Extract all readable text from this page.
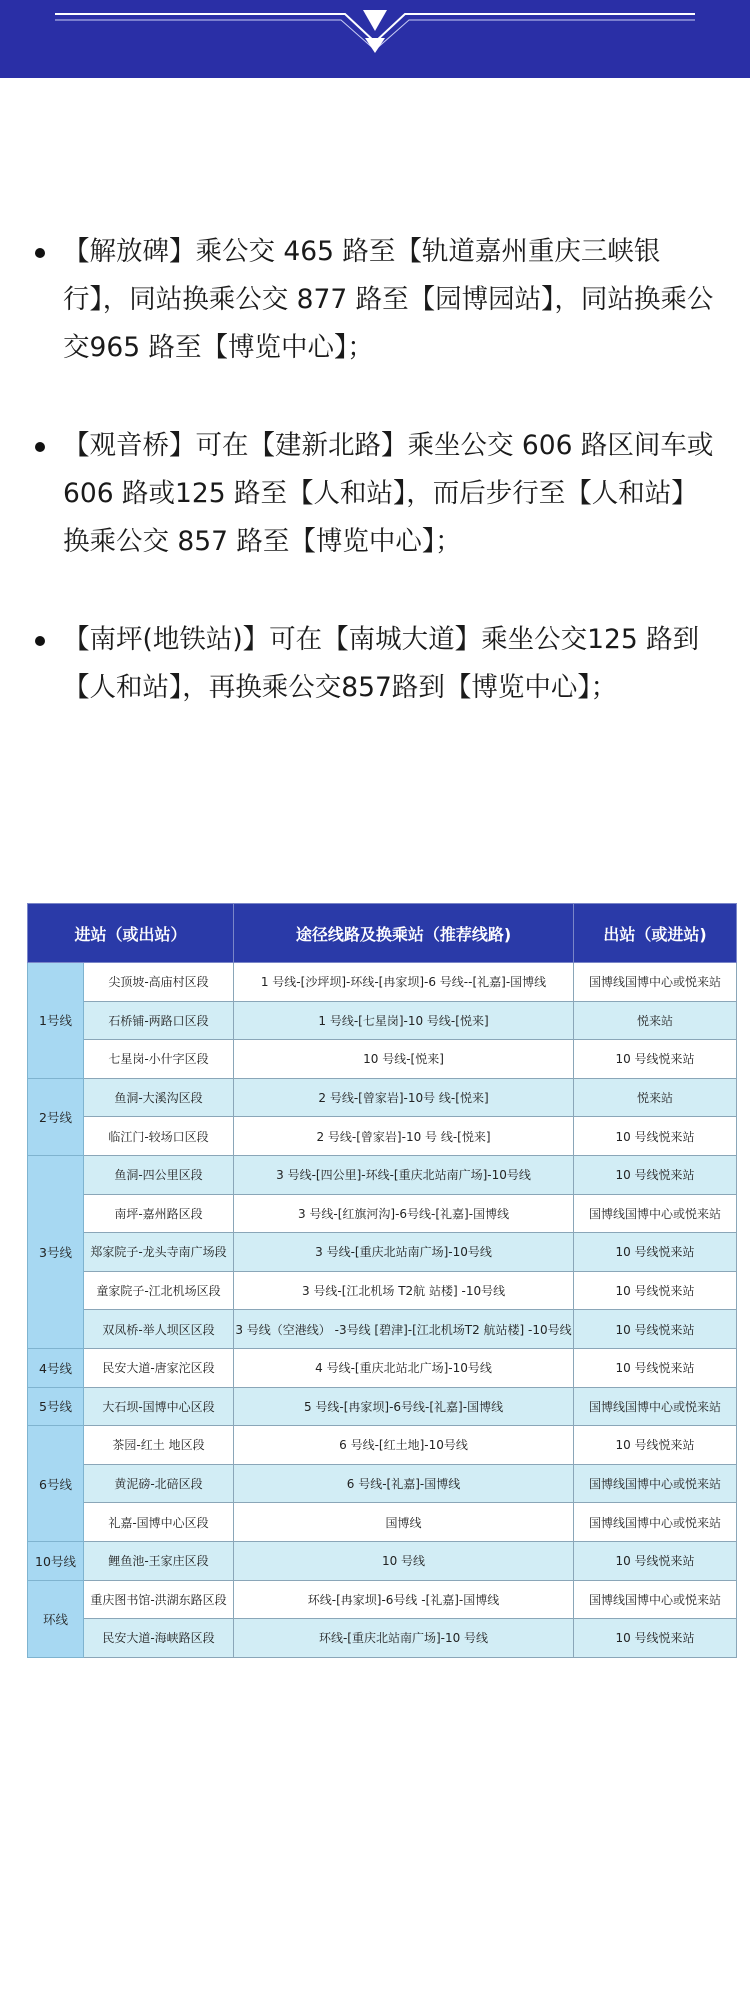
【解放碑】乘公交 465 路至【轨道嘉州重庆三峡银行】，同站换乘公交 877 路至【园博园站】，同站换乘公交965 路至【博览中心】；
【观音桥】可在【建新北路】乘坐公交 606 路区间车或 606 路或125 路至【人和站】，而后步行至【人和站】换乘公交 857 路至【博览中心】；
【南坪(地铁站)】可在【南城大道】乘坐公交125 路到【人和站】，再换乘公交857路到【博览中心】；
进站（或出站）		途径线路及换乘站（推荐线路)	出站（或进站)
1号线	尖顶坡-高庙村区段	1 号线-[沙坪坝]-环线-[冉家坝]-6 号线--[礼嘉]-国博线	国博线国博中心或悦来站
	石桥铺-两路口区段	1 号线-[七星岗]-10 号线-[悦来]	悦来站
	七星岗-小什字区段	10 号线-[悦来]	10 号线悦来站
2号线	鱼洞-大溪沟区段	2 号线-[曾家岩]-10号 线-[悦来]	悦来站
	临江门-较场口区段	2 号线-[曾家岩]-10 号 线-[悦来]	10 号线悦来站
3号线	鱼洞-四公里区段	3 号线-[四公里]-环线-[重庆北站南广场]-10号线	10 号线悦来站
	南坪-嘉州路区段	3 号线-[红旗河沟]-6号线-[礼嘉]-国博线	国博线国博中心或悦来站
	郑家院子-龙头寺南广场段	3 号线-[重庆北站南广场]-10号线	10 号线悦来站
	童家院子-江北机场区段	3 号线-[江北机场 T2航 站楼] -10号线	10 号线悦来站
	双凤桥-举人坝区区段	3 号线（空港线） -3号线 [碧津]-[江北机场T2 航站楼] -10号线	10 号线悦来站
4号线	民安大道-唐家沱区段	4 号线-[重庆北站北广场]-10号线	10 号线悦来站
5号线	大石坝-国博中心区段	5 号线-[冉家坝]-6号线-[礼嘉]-国博线	国博线国博中心或悦来站
6号线	茶园-红土 地区段	6 号线-[红土地]-10号线	10 号线悦来站
	黄泥磅-北碚区段	6 号线-[礼嘉]-国博线	国博线国博中心或悦来站
	礼嘉-国博中心区段	国博线	国博线国博中心或悦来站
10号线	鲤鱼池-王家庄区段	10 号线	10 号线悦来站
环线	重庆图书馆-洪湖东路区段	环线-[冉家坝]-6号线 -[礼嘉]-国博线	国博线国博中心或悦来站
	民安大道-海峡路区段	环线-[重庆北站南广场]-10 号线	10 号线悦来站
